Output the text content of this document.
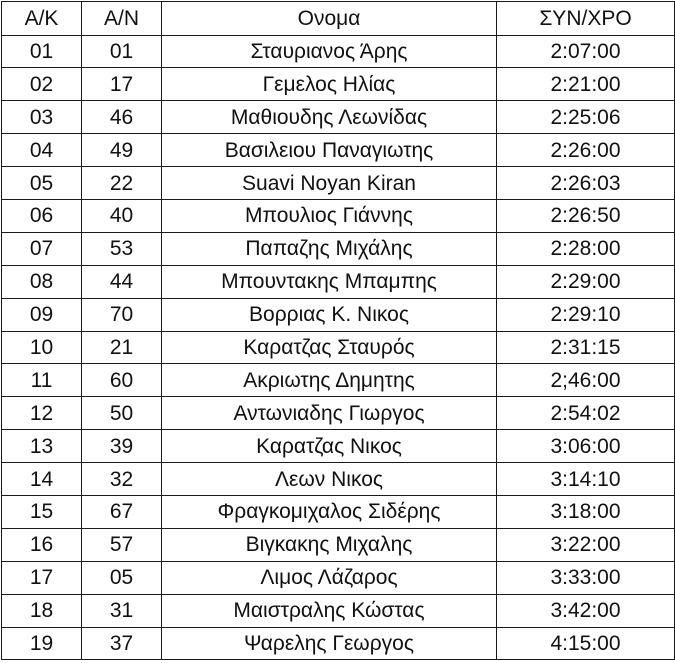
Α/Κ	Α/Ν	Ονομα	ΣΥΝ/ΧΡΟ
01	01	Σταυριανος Άρης	2:07:00
02	17	Γεμελος Ηλίας	2:21:00
03	46	Μαθιουδης Λεωνίδας	2:25:06
04	49	Βασιλειου Παναγιωτης	2:26:00
05	22	Suavi Noyan Kiran	2:26:03
06	40	Μπουλιος Γιάννης	2:26:50
07	53	Παπαζης Μιχάλης	2:28:00
08	44	Μπουντακης Μπαμπης	2:29:00
09	70	Βορριας Κ. Νικος	2:29:10
10	21	Καρατζας Σταυρός	2:31:15
11	60	Ακριωτης Δημητης	2;46:00
12	50	Αντωνιαδης Γιωργος	2:54:02
13	39	Καρατζας Νικος	3:06:00
14	32	Λεων Νικος	3:14:10
15	67	Φραγκομιχαλος Σιδέρης	3:18:00
16	57	Βιγκακης Μιχαλης	3:22:00
17	05	Λιμος Λάζαρος	3:33:00
18	31	Μαιστραλης Κώστας	3:42:00
19	37	Ψαρελης Γεωργος	4:15:00
